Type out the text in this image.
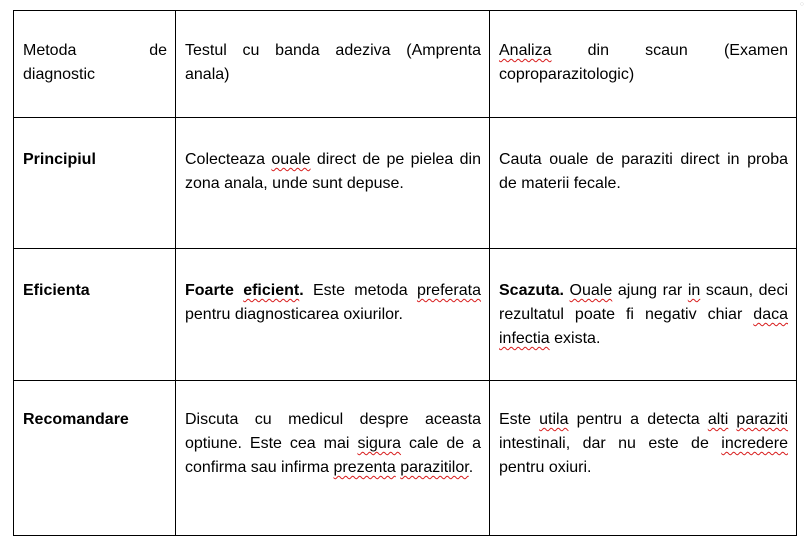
○
Metoda de diagnostic	Testul cu banda adeziva (Amprenta anala)	Analiza din scaun (Examen coproparazitologic)

Principiul	Colecteaza ouale direct de pe pielea din zona anala, unde sunt depuse.	Cauta ouale de paraziti direct in proba de materii fecale.

Eficienta	Foarte eficient. Este metoda preferata pentru diagnosticarea oxiurilor.	Scazuta. Ouale ajung rar in scaun, deci rezultatul poate fi negativ chiar daca infectia exista.

Recomandare	Discuta cu medicul despre aceasta optiune. Este cea mai sigura cale de a confirma sau infirma prezenta parazitilor.	Este utila pentru a detecta alti paraziti intestinali, dar nu este de incredere pentru oxiuri.
